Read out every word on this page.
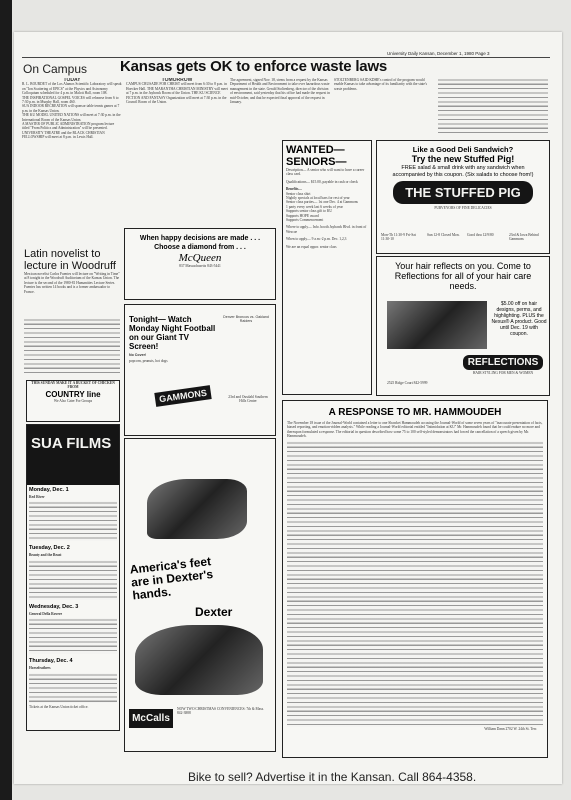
University Daily Kansan, December 1, 1980 Page 3
On Campus Kansas gets OK to enforce waste laws
TODAY
R. L. BOURDET of the Los Alamos Scientific Laboratory will speak on "Ion Scattering of EPICS" at the Physics and Astronomy Colloquium scheduled for 4 p.m. in Malott Hall, room 108.
THE INSPIRATIONAL GOSPEL VOICES will rehearse from 6 to 7:30 p.m. in Murphy Hall, room 460.
SUA INDOOR RECREATION will sponsor table tennis games at 7 p.m. in the Kansas Union.
THE KU MODEL UNITED NATIONS will meet at 7:30 p.m. in the International Room of the Kansas Union.
A MASTER OF PUBLIC ADMINISTRATION program lecture titled "From Politics and Administration" will be presented.
UNIVERSITY THEATRE and the BLACK CHRISTIAN FELLOWSHIP will meet at 8 p.m. in Lewis Hall.
TOMORROW
CAMPUS CRUSADE FOR CHRIST will meet from 6:30 to 8 p.m. in Hoecker Hall. THE MARANTHA CHRISTIAN MINISTRY will meet at 7 p.m. in the Jayhawk Room of the Union. THE KU SCIENCE FICTION AND FANTASY Organization will meet at 7:30 p.m. in the Council Room of the Union.
The agreement, signed Nov. 18, stems from a request by the Kansas Department of Health and Environment to take over hazardous waste management in the state. Gerald Stoltenberg, director of the division of environment, said yesterday that his office had made the request in mid-October, and that he expected final approval of the request in January.
STOLTENBERG SAID KDHE's control of the program would enable Kansas to take advantage of its familiarity with the state's waste problems.
Latin novelist to lecture in Woodruff
Mexican novelist Carlos Fuentes will lecture on "Writing in Time" at 8 tonight in the Woodruff Auditorium of the Kansas Union. The lecture is the second of the 1980-81 Humanities Lecture Series. Fuentes has written 14 books and is a former ambassador to France.
THIS SUNDAY MAKE IT A BUCKET OF CHICKEN FROM
COUNTRY line
We Also Cater For Groups
SUA FILMS
Monday, Dec. 1
Red River
Tuesday, Dec. 2
Beauty and the Beast
Wednesday, Dec. 3
General Della Rovere
Thursday, Dec. 4
Horsefeathers
Tickets at the Kansas Union ticket office.
When happy decisions are made . . . Choose a diamond from . . .
McQueen
837 Massachusetts 843-5441
Tonight— Watch Monday Night Football on our Giant TV Screen!
Denver Broncos vs. Oakland Raiders
No Cover!
popcorn, peanuts, hot dogs
GAMMONS	23rd and Ousdahl Southern Hills Center
America's feet are in Dexter's hands.
Dexter
McCalls
NOW TWO CHRISTMAS CONVENIENCES: 7th & Mass. 842-3888
WANTED— SENIORS—
Description— A senior who will want to have a career class card.
Qualifications— $15.00, payable in cash or check
Benefits—
Senior class shirt
Nightly specials at local bars for rest of year
Senior class parties— 1st one Dec. 4 at Gammons
1 party every week last 6 weeks of year
Supports senior class gift to KU
Supports HOPE award
Supports Commencement
Where to apply— Info. booth Jayhawk Blvd. in front of Wescoe
When to apply— 9 a.m.-2 p.m. Dec. 1,2,3
We are an equal oppor. senior class
Like a Good Deli Sandwich?
Try the new Stuffed Pig!
FREE salad & small drink with any sandwich when accompanied by this coupon. (Six salads to choose from!)
THE STUFFED PIG
PURVEYORS OF FINE DELICACIES
Mon-Th 11:30-9 Fri-Sat 11:30-10
Sun 12-8 Closed Mon.	Good thru 12/9/80	23rd & Iowa Behind Gammons
Your hair reflects on you. Come to Reflections for all of your hair care needs.
$5.00 off on hair designs, perms, and highlighting. PLUS the Nexus® A product. Good until Dec. 19 with coupon.
REFLECTIONS
HAIR STYLING FOR MEN & WOMEN
2525 Ridge Court 842-5999
A RESPONSE TO MR. HAMMOUDEH
The November 18 issue of the Journal-World contained a letter to one Shawket Hammoudeh accusing the Journal-World of some seven years of "inaccurate presentation of facts, biased reporting, and emotion-ridden analysis." While reading a Journal-World editorial entitled "Intimidation at KU" Mr. Hammoudeh found that he could endure no more and thereupon formulated a response. The editorial in question described how some 75 to 100 self-styled demonstrators had forced the cancellation of a speech given by Mr. Hammoudeh.
William Dann 2702 W. 24th St. Terr.
Bike to sell? Advertise it in the Kansan. Call 864-4358.
